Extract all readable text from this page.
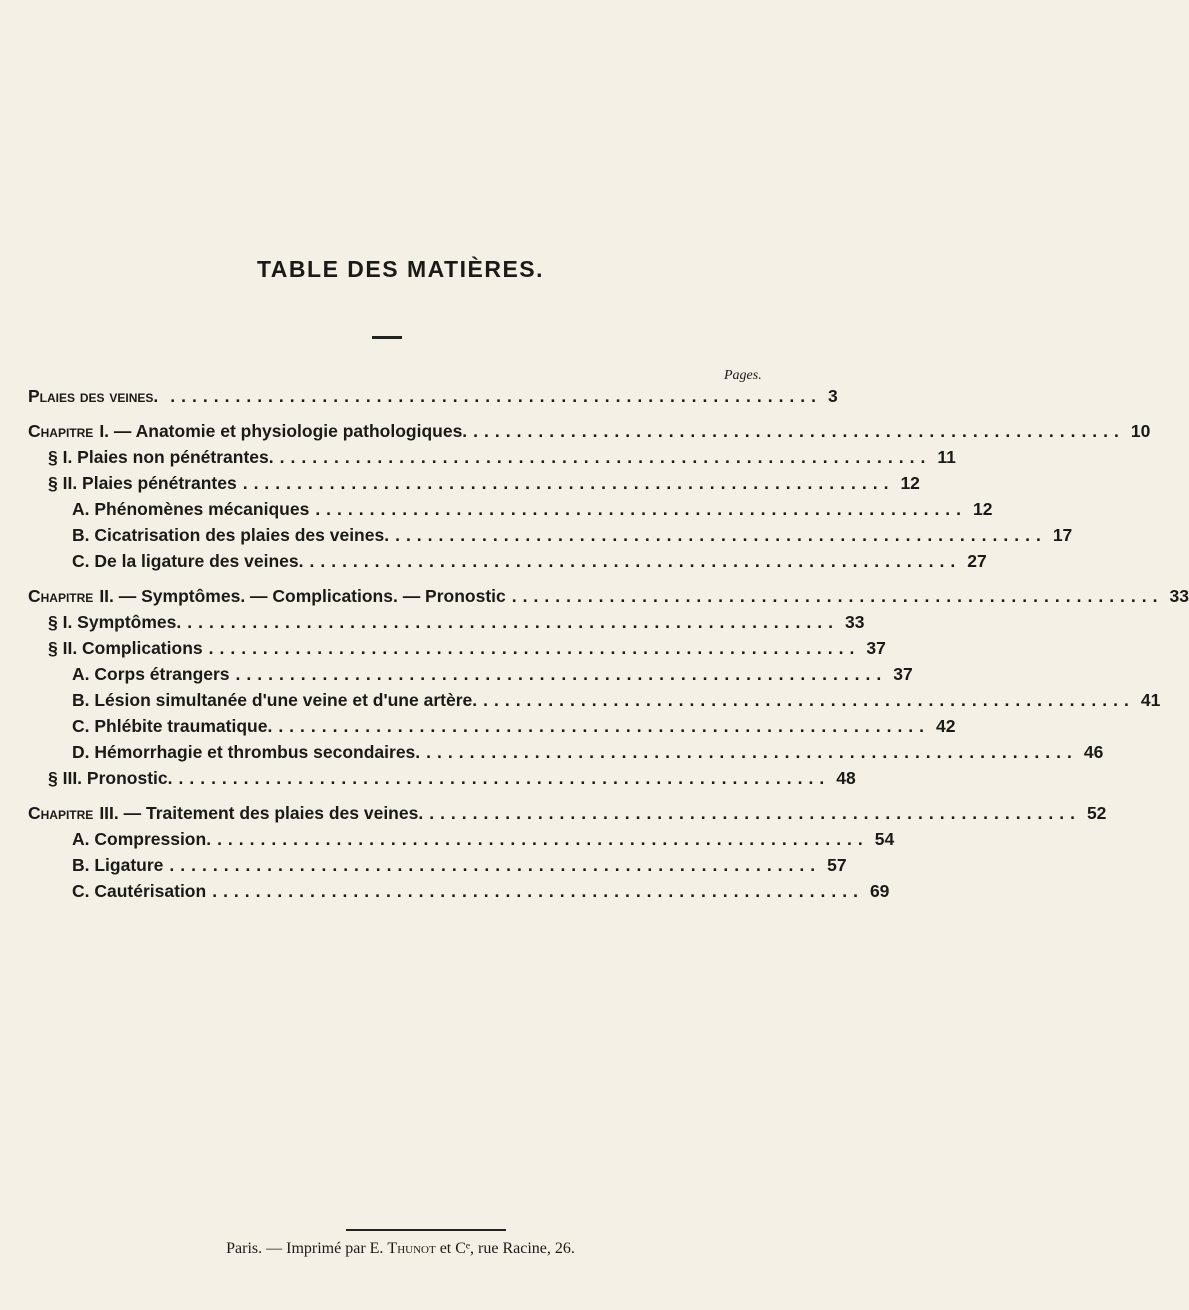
TABLE DES MATIÈRES.
Pages.
Plaies des veines. ............................................................ 3
Chapitre I. — Anatomie et physiologie pathologiques. ............................................................ 10
§ I. Plaies non pénétrantes. ............................................................ 11
§ II. Plaies pénétrantes ............................................................ 12
A. Phénomènes mécaniques ............................................................ 12
B. Cicatrisation des plaies des veines. ............................................................ 17
C. De la ligature des veines. ............................................................ 27
Chapitre II. — Symptômes. — Complications. — Pronostic ............................................................ 33
§ I. Symptômes. ............................................................ 33
§ II. Complications ............................................................ 37
A. Corps étrangers ............................................................ 37
B. Lésion simultanée d'une veine et d'une artère. ............................................................ 41
C. Phlébite traumatique. ............................................................ 42
D. Hémorrhagie et thrombus secondaires. ............................................................ 46
§ III. Pronostic. ............................................................ 48
Chapitre III. — Traitement des plaies des veines. ............................................................ 52
A. Compression. ............................................................ 54
B. Ligature ............................................................ 57
C. Cautérisation ............................................................ 69
Paris. — Imprimé par E. Thunot et Cᵉ, rue Racine, 26.
